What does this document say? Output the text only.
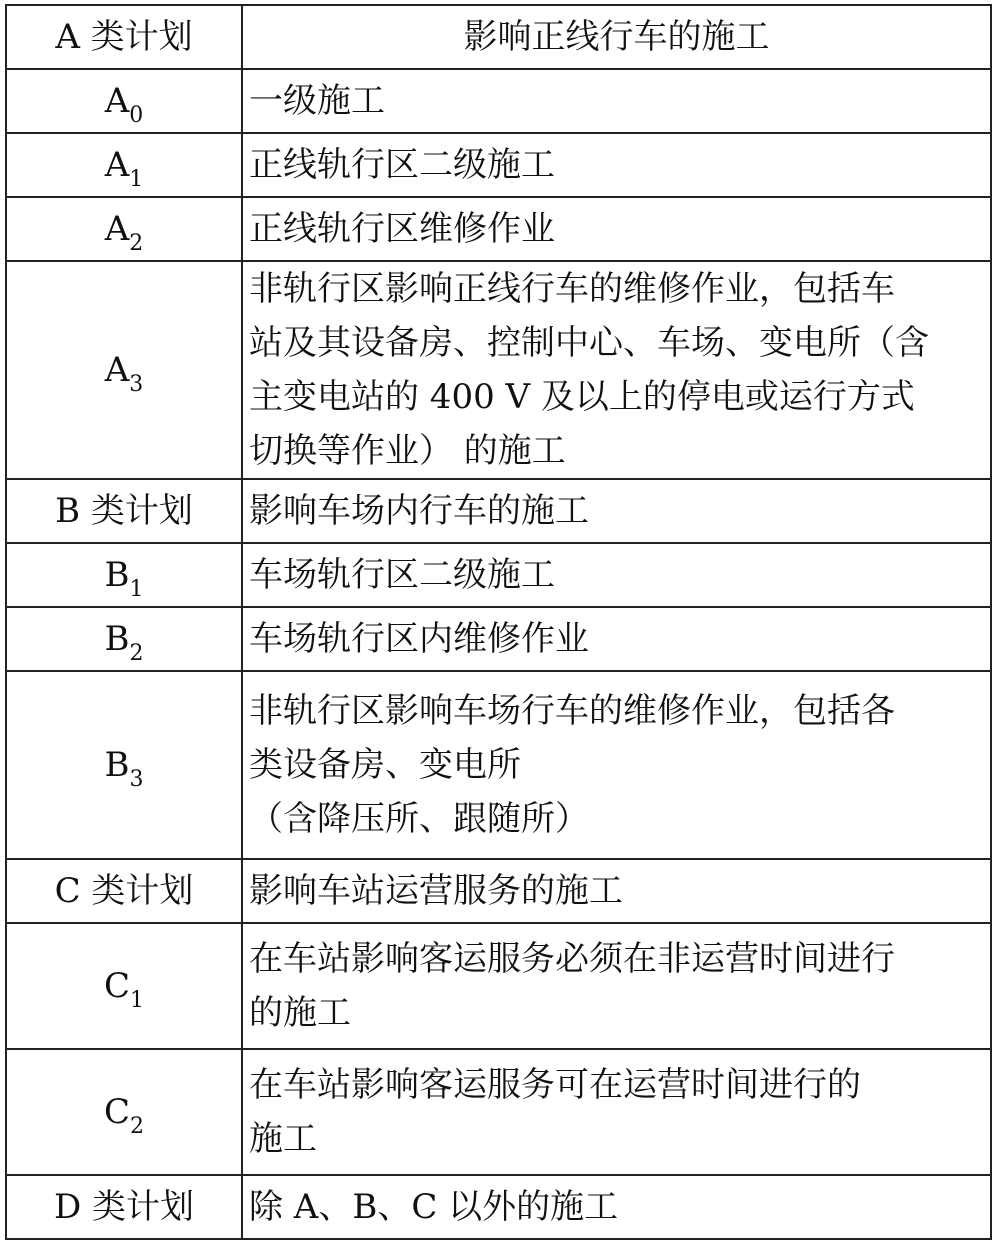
A 类计划	影响正线行车的施工
$A_0$	一级施工

$A_1$	正线轨行区二级施工

$A_2$	正线轨行区维修作业

$A_3$	非轨行区影响正线行车的维修作业，包括车
站及其设备房、控制中心、车场、变电所（含
主变电站的 400 V 及以上的停电或运行方式
切换等作业） 的施工

B 类计划	影响车场内行车的施工

$B_1$	车场轨行区二级施工

$B_2$	车场轨行区内维修作业

$B_3$	非轨行区影响车场行车的维修作业，包括各
类设备房、变电所
（含降压所、跟随所）

C 类计划	影响车站运营服务的施工

$C_1$	在车站影响客运服务必须在非运营时间进行
的施工

$C_2$	在车站影响客运服务可在运营时间进行的
施工

D 类计划	除 A、B、C 以外的施工
